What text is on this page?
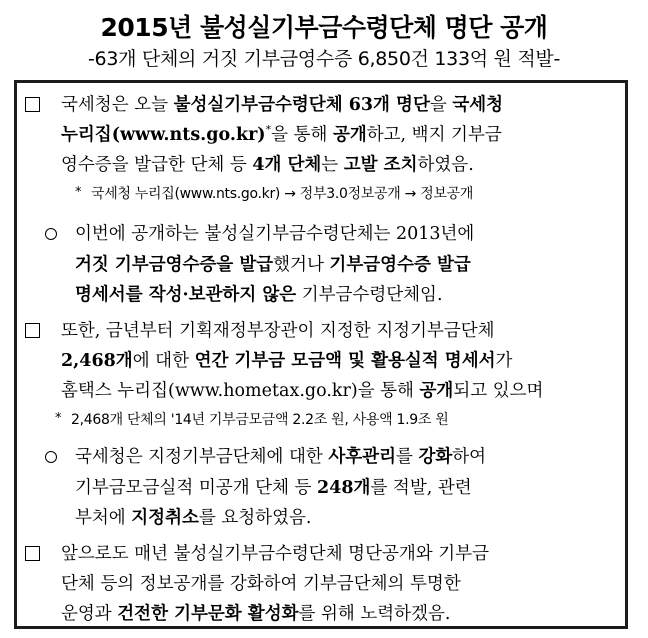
2015년 불성실기부금수령단체 명단 공개
-63개 단체의 거짓 기부금영수증 6,850건 133억 원 적발-
국세청은 오늘 불성실기부금수령단체 63개 명단을 국세청
누리집(www.nts.go.kr)*을 통해 공개하고, 백지 기부금
영수증을 발급한 단체 등 4개 단체는 고발 조치하였음.
* 국세청 누리집(www.nts.go.kr) → 정부3.0정보공개 → 정보공개
이번에 공개하는 불성실기부금수령단체는 2013년에
거짓 기부금영수증을 발급했거나 기부금영수증 발급
명세서를 작성·보관하지 않은 기부금수령단체임.
또한, 금년부터 기획재정부장관이 지정한 지정기부금단체
2,468개에 대한 연간 기부금 모금액 및 활용실적 명세서가
홈택스 누리집(www.hometax.go.kr)을 통해 공개되고 있으며
* 2,468개 단체의 '14년 기부금모금액 2.2조 원, 사용액 1.9조 원
국세청은 지정기부금단체에 대한 사후관리를 강화하여
기부금모금실적 미공개 단체 등 248개를 적발, 관련
부처에 지정취소를 요청하였음.
앞으로도 매년 불성실기부금수령단체 명단공개와 기부금
단체 등의 정보공개를 강화하여 기부금단체의 투명한
운영과 건전한 기부문화 활성화를 위해 노력하겠음.
